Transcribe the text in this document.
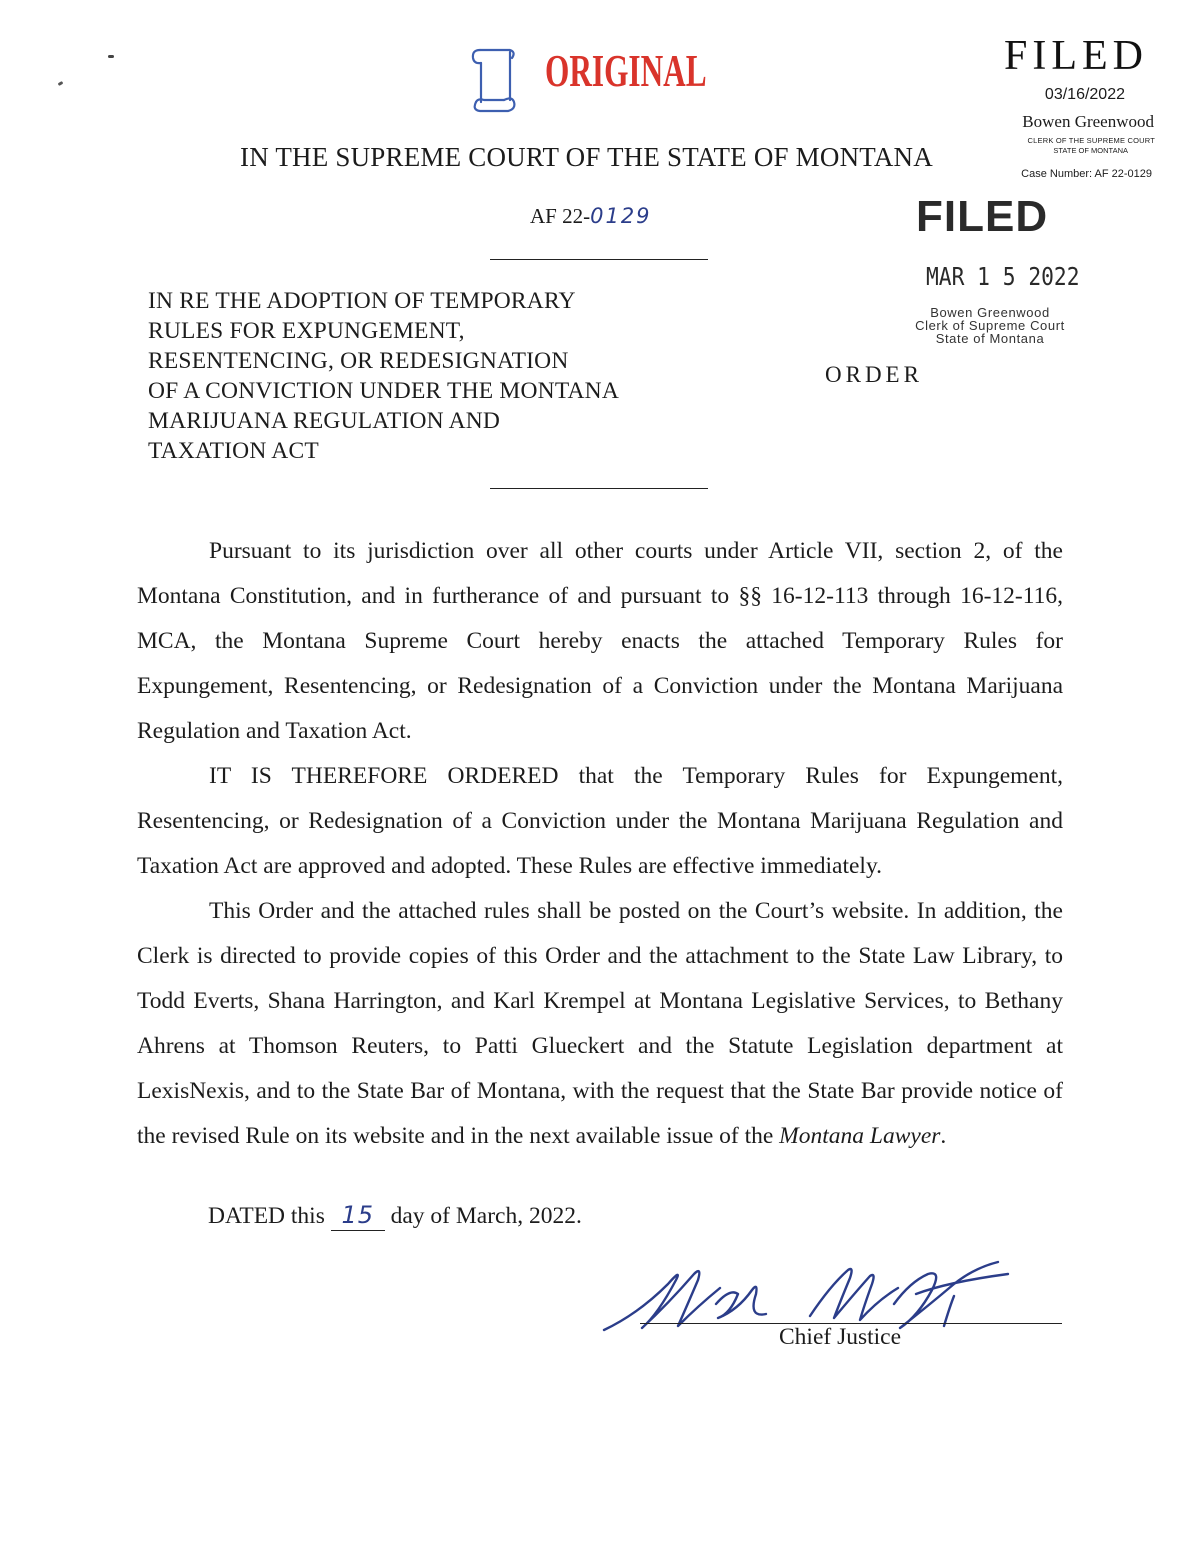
FILED
03/16/2022
Bowen Greenwood
CLERK OF THE SUPREME COURT
STATE OF MONTANA
Case Number: AF 22-0129
ORIGINAL
IN THE SUPREME COURT OF THE STATE OF MONTANA
AF 22-0129	FILED
MAR 1 5 2022
Bowen Greenwood
Clerk of Supreme Court
State of Montana
IN RE THE ADOPTION OF TEMPORARY
RULES FOR EXPUNGEMENT,
RESENTENCING, OR REDESIGNATION
OF A CONVICTION UNDER THE MONTANA
MARIJUANA REGULATION AND
TAXATION ACT
ORDER

Pursuant to its jurisdiction over all other courts under Article VII, section 2, of the Montana Constitution, and in furtherance of and pursuant to §§ 16-12-113 through 16-12-116, MCA, the Montana Supreme Court hereby enacts the attached Temporary Rules for Expungement, Resentencing, or Redesignation of a Conviction under the Montana Marijuana Regulation and Taxation Act.

IT IS THEREFORE ORDERED that the Temporary Rules for Expungement, Resentencing, or Redesignation of a Conviction under the Montana Marijuana Regulation and Taxation Act are approved and adopted. These Rules are effective immediately.

This Order and the attached rules shall be posted on the Court’s website. In addition, the Clerk is directed to provide copies of this Order and the attachment to the State Law Library, to Todd Everts, Shana Harrington, and Karl Krempel at Montana Legislative Services, to Bethany Ahrens at Thomson Reuters, to Patti Glueckert and the Statute Legislation department at LexisNexis, and to the State Bar of Montana, with the request that the State Bar provide notice of the revised Rule on its website and in the next available issue of the Montana Lawyer.

DATED this 15 day of March, 2022.
Chief Justice
